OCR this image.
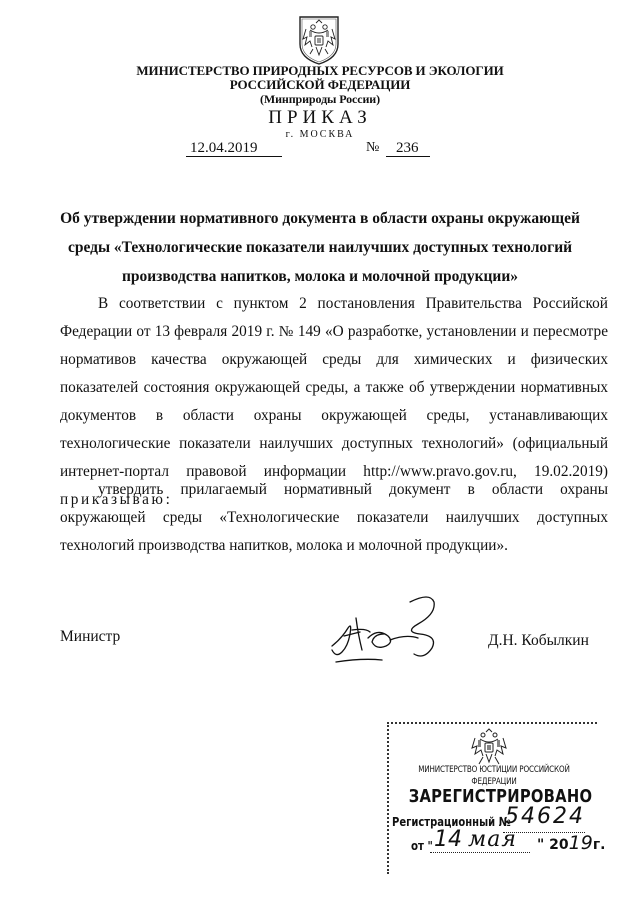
МИНИСТЕРСТВО ПРИРОДНЫХ РЕСУРСОВ И ЭКОЛОГИИ
РОССИЙСКОЙ ФЕДЕРАЦИИ
(Минприроды России)
ПРИКАЗ
г. МОСКВА
12.04.2019	№ 236
Об утверждении нормативного документа в области охраны окружающей
среды «Технологические показатели наилучших доступных технологий
производства напитков, молока и молочной продукции»

В соответствии с пунктом 2 постановления Правительства Российской Федерации от 13 февраля 2019 г. № 149 «О разработке, установлении и пересмотре нормативов качества окружающей среды для химических и физических показателей состояния окружающей среды, а также об утверждении нормативных документов в области охраны окружающей среды, устанавливающих технологические показатели наилучших доступных технологий» (официальный интернет-портал правовой информации http://www.pravo.gov.ru, 19.02.2019) приказываю:

утвердить прилагаемый нормативный документ в области охраны окружающей среды «Технологические показатели наилучших доступных технологий производства напитков, молока и молочной продукции».

Министр	Д.Н. Кобылкин
МИНИСТЕРСТВО ЮСТИЦИИ РОССИЙСКОЙ ФЕДЕРАЦИИ
ЗАРЕГИСТРИРОВАНО
Регистрационный №
54624
от " 14 мая " 2019г.
